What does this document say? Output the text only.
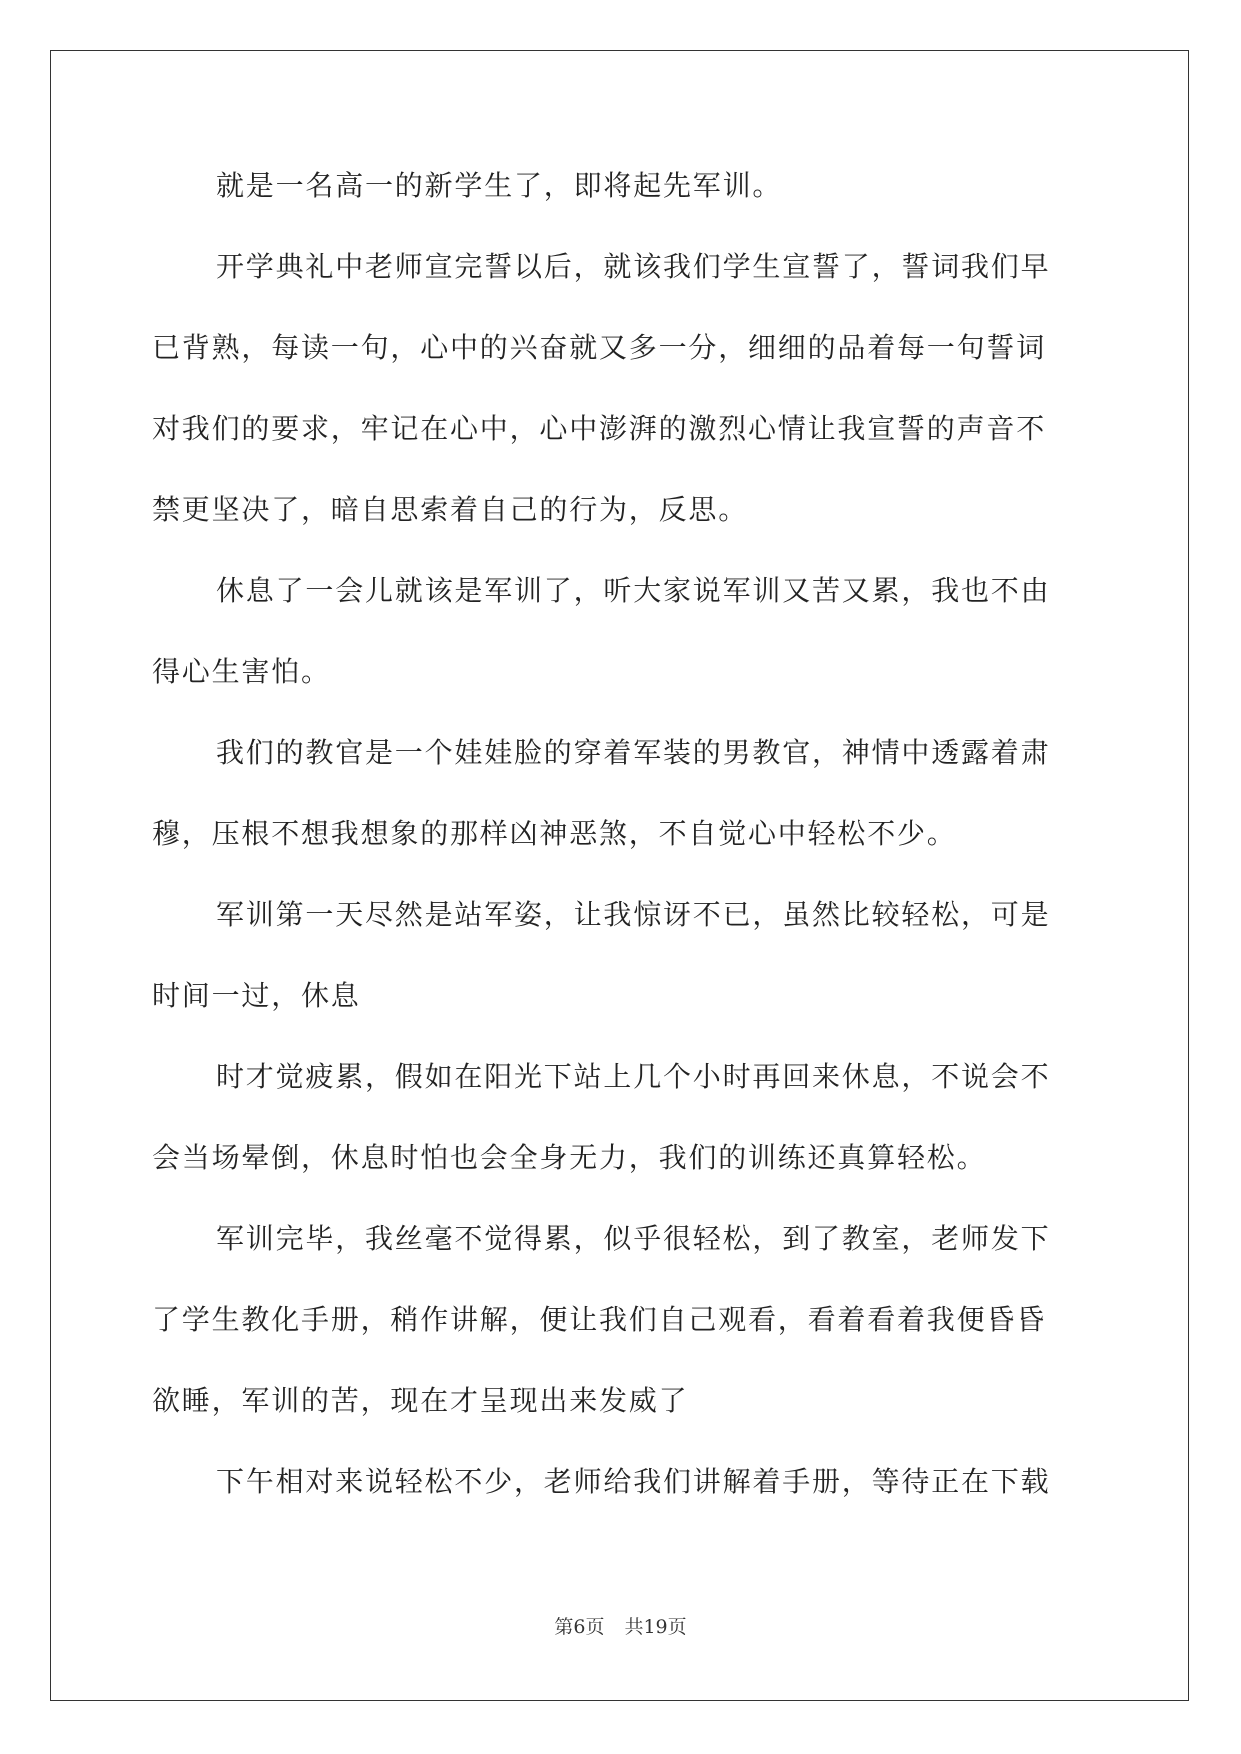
就是一名高一的新学生了，即将起先军训。
开学典礼中老师宣完誓以后，就该我们学生宣誓了，誓词我们早
已背熟，每读一句，心中的兴奋就又多一分，细细的品着每一句誓词
对我们的要求，牢记在心中，心中澎湃的激烈心情让我宣誓的声音不
禁更坚决了，暗自思索着自己的行为，反思。
休息了一会儿就该是军训了，听大家说军训又苦又累，我也不由
得心生害怕。
我们的教官是一个娃娃脸的穿着军装的男教官，神情中透露着肃
穆，压根不想我想象的那样凶神恶煞，不自觉心中轻松不少。
军训第一天尽然是站军姿，让我惊讶不已，虽然比较轻松，可是
时间一过，休息
时才觉疲累，假如在阳光下站上几个小时再回来休息，不说会不
会当场晕倒，休息时怕也会全身无力，我们的训练还真算轻松。
军训完毕，我丝毫不觉得累，似乎很轻松，到了教室，老师发下
了学生教化手册，稍作讲解，便让我们自己观看，看着看着我便昏昏
欲睡，军训的苦，现在才呈现出来发威了
下午相对来说轻松不少，老师给我们讲解着手册，等待正在下载
第6页 共19页
